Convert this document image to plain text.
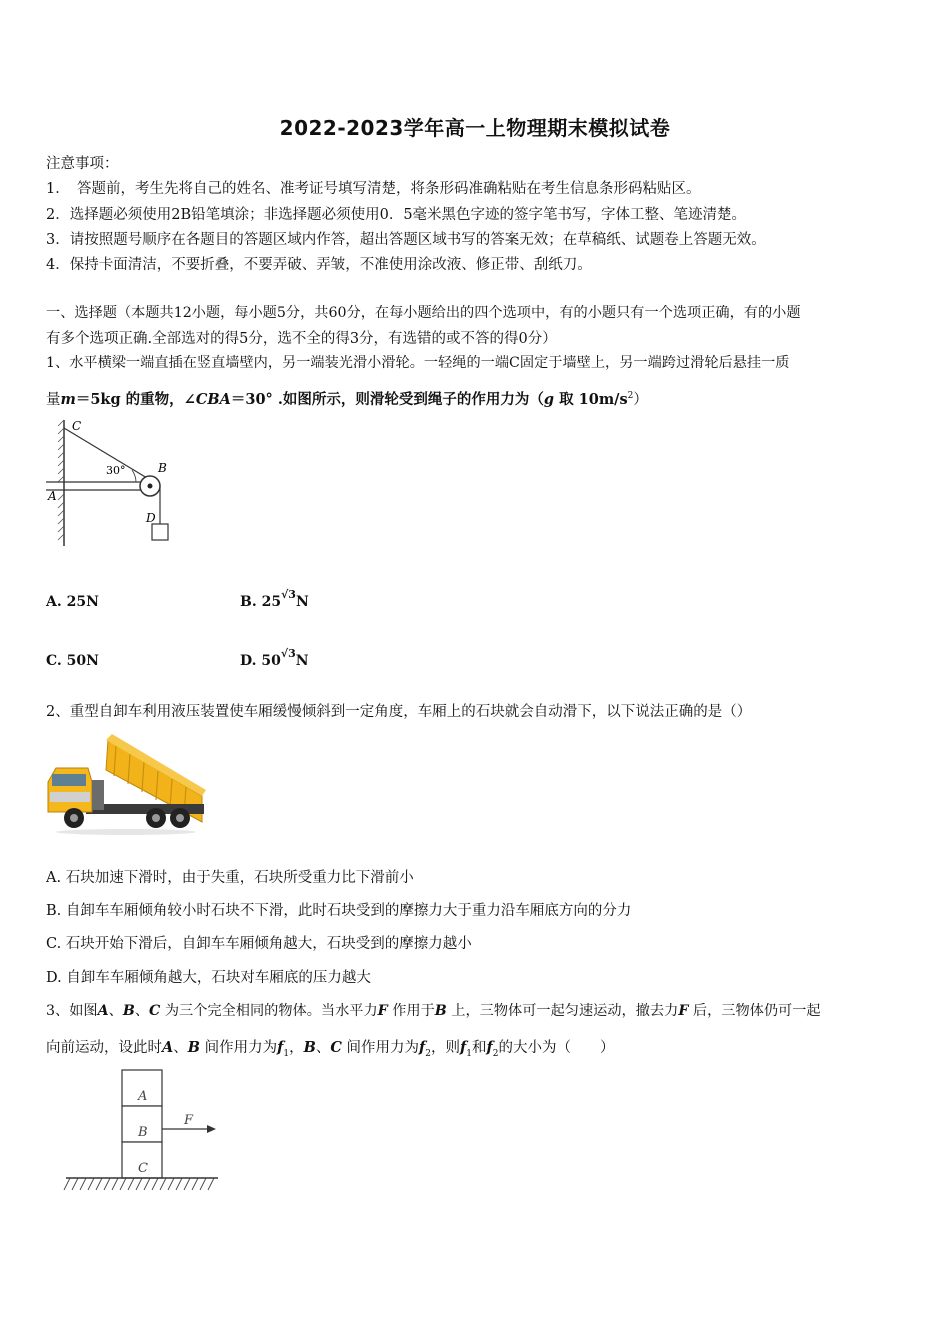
2022-2023学年高一上物理期末模拟试卷
注意事项：
1．　答题前，考生先将自己的姓名、准考证号填写清楚，将条形码准确粘贴在考生信息条形码粘贴区。
2．选择题必须使用2B铅笔填涂；非选择题必须使用0．5毫米黑色字迹的签字笔书写，字体工整、笔迹清楚。
3．请按照题号顺序在各题目的答题区域内作答，超出答题区域书写的答案无效；在草稿纸、试题卷上答题无效。
4．保持卡面清洁，不要折叠，不要弄破、弄皱，不准使用涂改液、修正带、刮纸刀。
一、选择题（本题共12小题，每小题5分，共60分，在每小题给出的四个选项中，有的小题只有一个选项正确，有的小题
有多个选项正确.全部选对的得5分，选不全的得3分，有选错的或不答的得0分）
1、水平横梁一端直插在竖直墙壁内，另一端装光滑小滑轮。一轻绳的一端C固定于墙壁上，另一端跨过滑轮后悬挂一质
量m＝5kg 的重物，∠CBA＝30° .如图所示，则滑轮受到绳子的作用力为（g 取 $10m/s^2$）
C
B
A
D
30°
A. 25N	B. $25^{√3}N$
C. 50N	D. $50^{√3}N$
2、重型自卸车利用液压装置使车厢缓慢倾斜到一定角度，车厢上的石块就会自动滑下，以下说法正确的是（）
A. 石块加速下滑时，由于失重，石块所受重力比下滑前小
B. 自卸车车厢倾角较小时石块不下滑，此时石块受到的摩擦力大于重力沿车厢底方向的分力
C. 石块开始下滑后，自卸车车厢倾角越大，石块受到的摩擦力越小
D. 自卸车车厢倾角越大，石块对车厢底的压力越大
3、如图A、B、C 为三个完全相同的物体。当水平力F 作用于B 上，三物体可一起匀速运动，撤去力F 后，三物体仍可一起
向前运动，设此时A、B 间作用力为$f_1$，B、C 间作用力为$f_2$，则$f_1$和$f_2$的大小为（　　）
A
B
C
F
